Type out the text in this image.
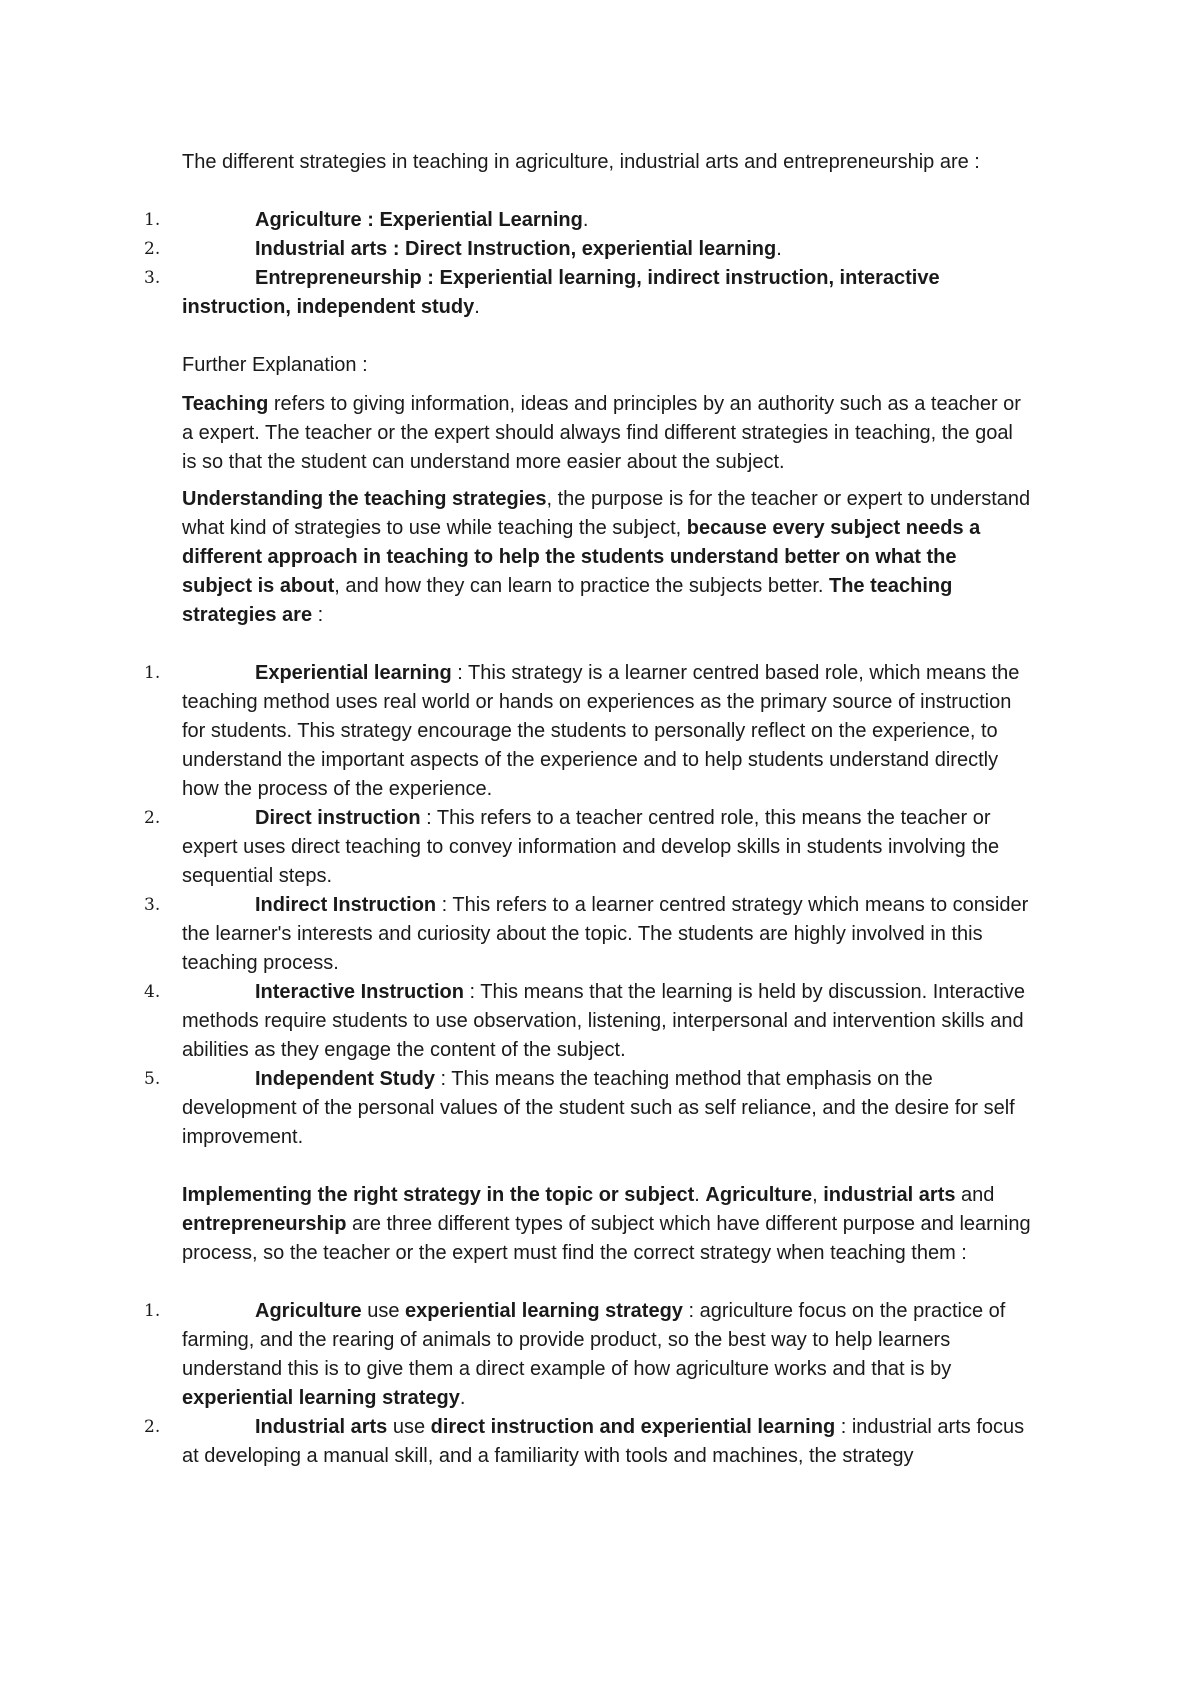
The different strategies in teaching in agriculture, industrial arts and entrepreneurship are :

1.	Agriculture : Experiential Learning.
2.	Industrial arts : Direct Instruction, experiential learning.
3.	Entrepreneurship : Experiential learning, indirect instruction, interactive instruction, independent study.

Further Explanation :

Teaching refers to giving information, ideas and principles by an authority such as a teacher or a expert. The teacher or the expert should always find different strategies in teaching, the goal is so that the student can understand more easier about the subject.

Understanding the teaching strategies, the purpose is for the teacher or expert to understand what kind of strategies to use while teaching the subject, because every subject needs a different approach in teaching to help the students understand better on what the subject is about, and how they can learn to practice the subjects better. The teaching strategies are :

1.	Experiential learning : This strategy is a learner centred based role, which means the teaching method uses real world or hands on experiences as the primary source of instruction for students. This strategy encourage the students to personally reflect on the experience, to understand the important aspects of the experience and to help students understand directly how the process of the experience.
2.	Direct instruction : This refers to a teacher centred role, this means the teacher or expert uses direct teaching to convey information and develop skills in students involving the sequential steps.
3.	Indirect Instruction : This refers to a learner centred strategy which means to consider the learner's interests and curiosity about the topic. The students are highly involved in this teaching process.
4.	Interactive Instruction : This means that the learning is held by discussion. Interactive methods require students to use observation, listening, interpersonal and intervention skills and abilities as they engage the content of the subject.
5.	Independent Study : This means the teaching method that emphasis on the development of the personal values of the student such as self reliance, and the desire for self improvement.

Implementing the right strategy in the topic or subject. Agriculture, industrial arts and entrepreneurship are three different types of subject which have different purpose and learning process, so the teacher or the expert must find the correct strategy when teaching them :

1.	Agriculture use experiential learning strategy : agriculture focus on the practice of farming, and the rearing of animals to provide product, so the best way to help learners understand this is to give them a direct example of how agriculture works and that is by experiential learning strategy.
2.	Industrial arts use direct instruction and experiential learning : industrial arts focus at developing a manual skill, and a familiarity with tools and machines, the strategy
